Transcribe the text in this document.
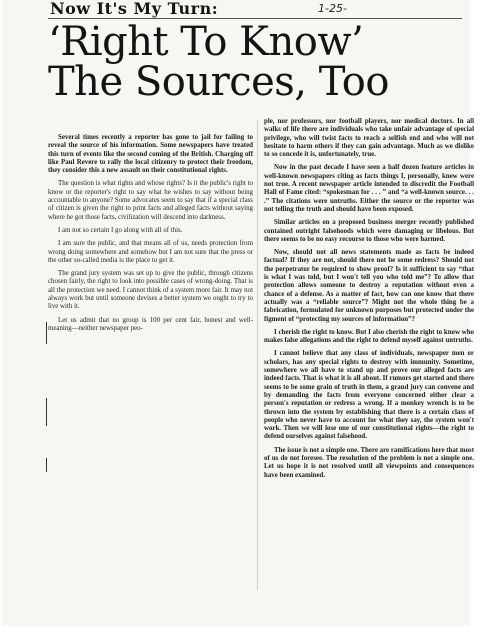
Now It's My Turn:	1-25-
‘Right To Know’
The Sources, Too

Several times recently a reporter has gone to jail for failing to reveal the source of his information. Some newspapers have treated this turn of events like the second coming of the British. Charging off like Paul Revere to rally the local citizenry to protect their freedom, they consider this a new assault on their constitutional rights.

The question is what rights and whose rights? Is it the public's right to know or the reporter's right to say what he wishes to say without being accountable to anyone? Some advocates seem to say that if a special class of citizen is given the right to print facts and alleged facts without saying where he got those facts, civilization will descend into darkness.

I am not so certain I go along with all of this.

I am sure the public, and that means all of us, needs protection from wrong doing somewhere and somehow but I am not sure that the press or the other so-called media is the place to get it.

The grand jury system was set up to give the public, through citizens chosen fairly, the right to look into possible cases of wrong-doing. That is all the protection we need. I cannot think of a system more fair. It may not always work but until someone devises a better system we ought to try to live with it.

Let us admit that no group is 100 per cent fair, honest and well-meaning—neither newspaper peo-

ple, nor professors, nor football players, nor medical doctors. In all walks of life there are individuals who take unfair advantage of special privilege, who will twist facts to reach a selfish end and who will not hesitate to harm others if they can gain advantage. Much as we dislike to so concede it is, unfortunately, true.

Now in the past decade I have seen a half dozen feature articles in well-known newspapers citing as facts things I, personally, knew were not true. A recent newspaper article intended to discredit the Football Hall of Fame cited: “spokesman for . . . ” and “a well-known source. . . .” The citations were untruths. Either the source or the reporter was not telling the truth and should have been exposed.

Similar articles on a proposed business merger recently published contained outright falsehoods which were damaging or libelous. But there seems to be no easy recourse to those who were harmed.

Now, should not all news statements made as facts be indeed factual? If they are not, should there not be some redress? Should not the perpetrator be required to show proof? Is it sufficient to say “that is what I was told, but I won't tell you who told me”? To allow that protection allows someone to destroy a reputation without even a chance of a defense. As a matter of fact, how can one know that there actually was a “reliable source”? Might not the whole thing be a fabrication, formulated for unknown purposes but protected under the figment of “protecting my sources of information”?

I cherish the right to know. But I also cherish the right to know who makes false allegations and the right to defend myself against untruths.

I cannot believe that any class of individuals, newspaper men or scholars, has any special rights to destroy with immunity. Sometime, somewhere we all have to stand up and prove our alleged facts are indeed facts. That is what it is all about. If rumors get started and there seems to be some grain of truth in them, a grand jury can convene and by demanding the facts from everyone concerned either clear a person's reputation or redress a wrong. If a monkey wrench is to be thrown into the system by establishing that there is a certain class of people who never have to account for what they say, the system won't work. Then we will lose one of our constitutional rights—the right to defend ourselves against falsehood.

The issue is not a simple one. There are ramifications here that most of us do not foresee. The resolution of the problem is not a simple one. Let us hope it is not resolved until all viewpoints and consequences have been examined.
